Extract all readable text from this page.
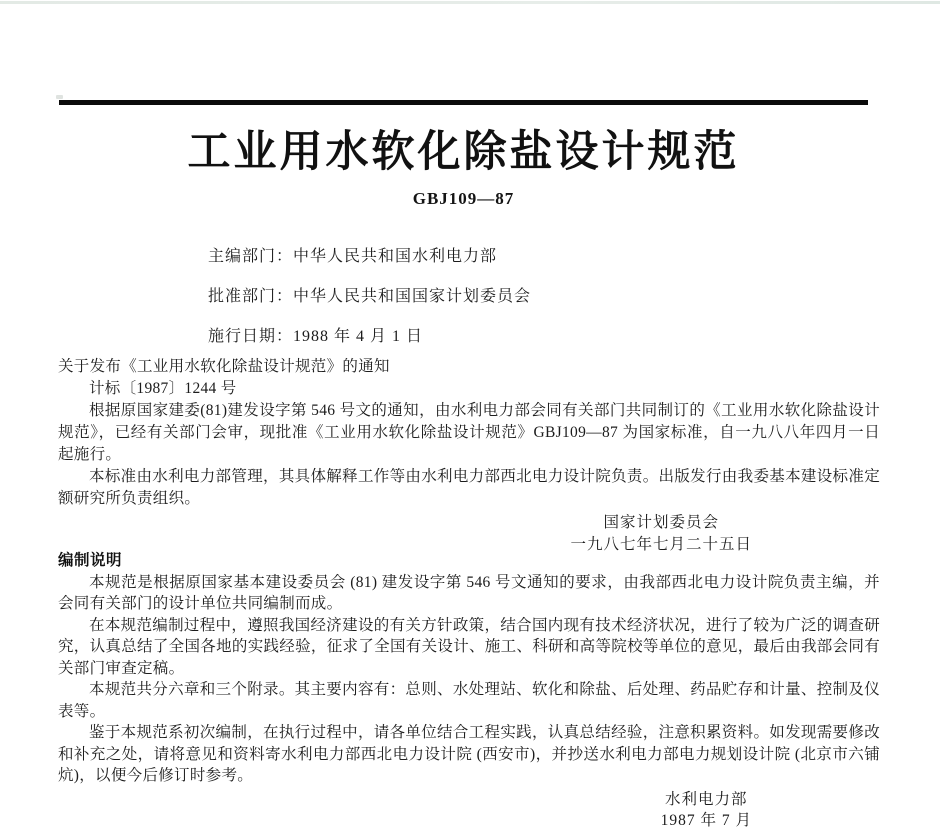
工业用水软化除盐设计规范
GBJ109—87
主编部门：中华人民共和国水利电力部
批准部门：中华人民共和国国家计划委员会
施行日期：1988 年 4 月 1 日
关于发布《工业用水软化除盐设计规范》的通知
计标〔1987〕1244 号

根据原国家建委(81)建发设字第 546 号文的通知，由水利电力部会同有关部门共同制订的《工业用水软化除盐设计规范》，已经有关部门会审，现批准《工业用水软化除盐设计规范》GBJ109—87 为国家标准，自一九八八年四月一日起施行。

本标准由水利电力部管理，其具体解释工作等由水利电力部西北电力设计院负责。出版发行由我委基本建设标准定额研究所负责组织。

国家计划委员会
一九八七年七月二十五日
编制说明

本规范是根据原国家基本建设委员会 (81) 建发设字第 546 号文通知的要求，由我部西北电力设计院负责主编，并会同有关部门的设计单位共同编制而成。

在本规范编制过程中，遵照我国经济建设的有关方针政策，结合国内现有技术经济状况，进行了较为广泛的调查研究，认真总结了全国各地的实践经验，征求了全国有关设计、施工、科研和高等院校等单位的意见，最后由我部会同有关部门审查定稿。

本规范共分六章和三个附录。其主要内容有：总则、水处理站、软化和除盐、后处理、药品贮存和计量、控制及仪表等。

鉴于本规范系初次编制，在执行过程中，请各单位结合工程实践，认真总结经验，注意积累资料。如发现需要修改和补充之处，请将意见和资料寄水利电力部西北电力设计院 (西安市)，并抄送水利电力部电力规划设计院 (北京市六铺炕)，以便今后修订时参考。

水利电力部
1987 年 7 月
